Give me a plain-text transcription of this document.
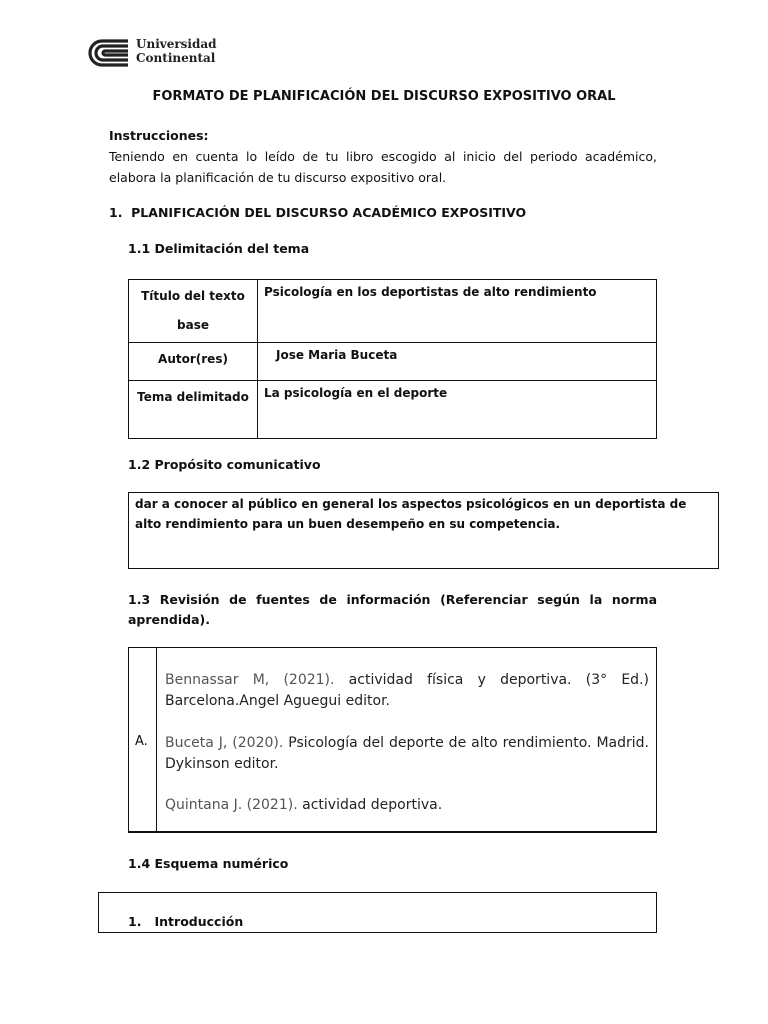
Universidad
Continental
FORMATO DE PLANIFICACIÓN DEL DISCURSO EXPOSITIVO ORAL
Instrucciones:
Teniendo en cuenta lo leído de tu libro escogido al inicio del periodo académico, elabora la planificación de tu discurso expositivo oral.
1.  PLANIFICACIÓN DEL DISCURSO ACADÉMICO EXPOSITIVO
1.1 Delimitación del tema
Título del texto base	Psicología en los deportistas de alto rendimiento
Autor(res)	Jose Maria Buceta
Tema delimitado	La psicología en el deporte
1.2 Propósito comunicativo
dar a conocer al público en general los aspectos psicológicos en un deportista de alto rendimiento para un buen desempeño en su competencia.
1.3 Revisión de fuentes de información (Referenciar según la norma aprendida).
A.
Bennassar M, (2021). actividad física y deportiva. (3° Ed.) Barcelona.Angel Aguegui editor.
Buceta J, (2020). Psicología del deporte de alto rendimiento. Madrid. Dykinson editor.
Quintana J. (2021). actividad deportiva.
1.4 Esquema numérico
1.   Introducción
